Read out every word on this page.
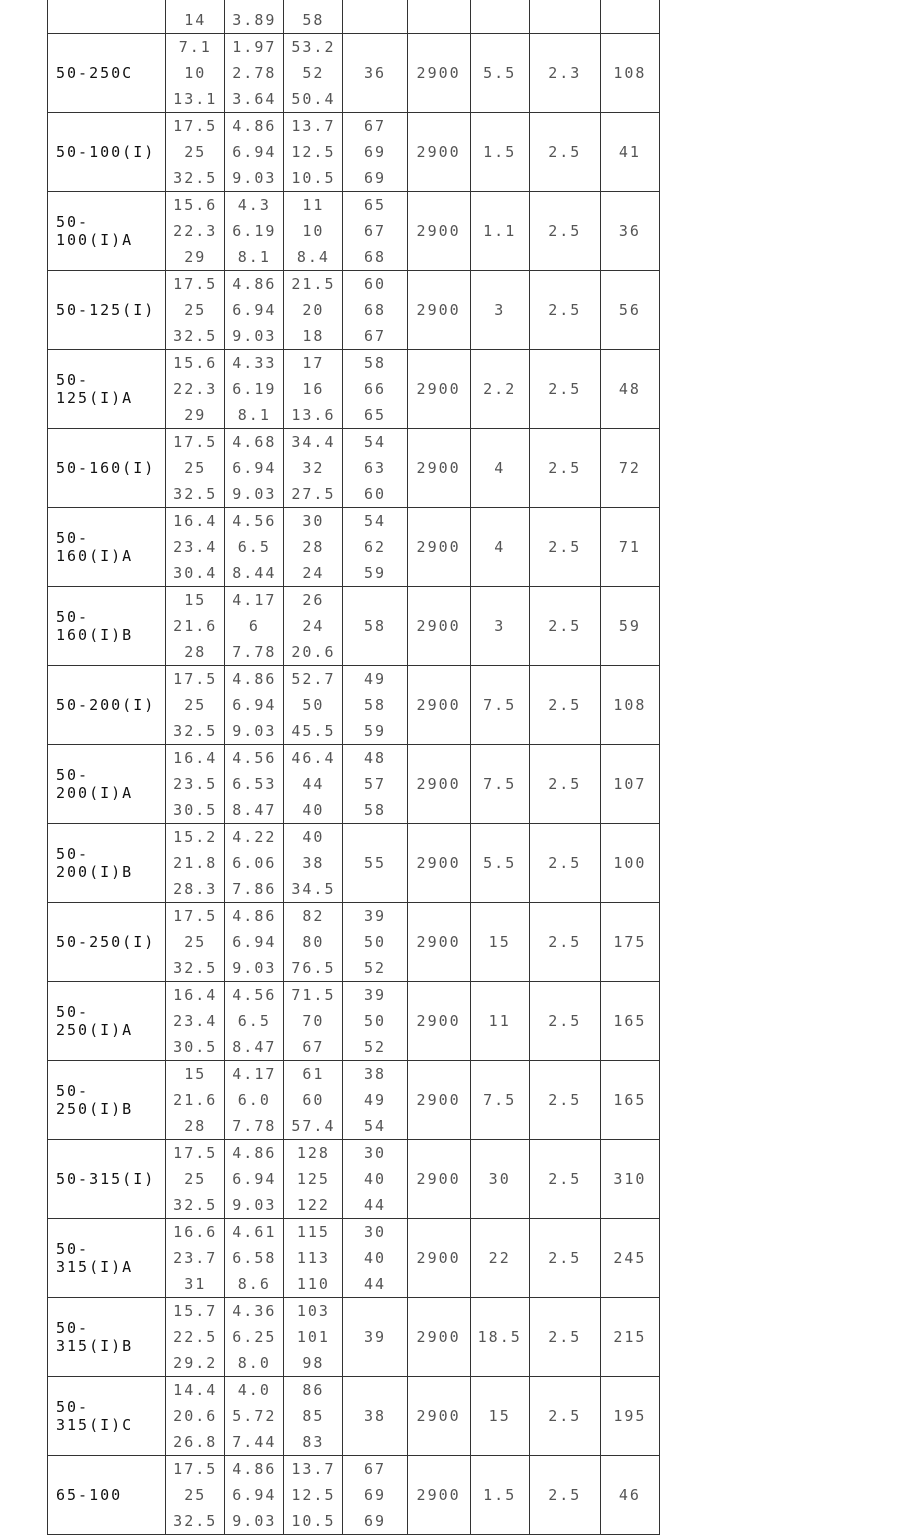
	14	3.89	58					

50-250C	7.1
10
13.1	1.97
2.78
3.64	53.2
52
50.4	36	2900	5.5	2.3	108
50-100(I)	17.5
25
32.5	4.86
6.94
9.03	13.7
12.5
10.5	67
69
69	2900	1.5	2.5	41
50-100(I)A	15.6
22.3
29	4.3
6.19
8.1	11
10
8.4	65
67
68	2900	1.1	2.5	36
50-125(I)	17.5
25
32.5	4.86
6.94
9.03	21.5
20
18	60
68
67	2900	3	2.5	56
50-125(I)A	15.6
22.3
29	4.33
6.19
8.1	17
16
13.6	58
66
65	2900	2.2	2.5	48
50-160(I)	17.5
25
32.5	4.68
6.94
9.03	34.4
32
27.5	54
63
60	2900	4	2.5	72
50-160(I)A	16.4
23.4
30.4	4.56
6.5
8.44	30
28
24	54
62
59	2900	4	2.5	71
50-160(I)B	15
21.6
28	4.17
6
7.78	26
24
20.6	58	2900	3	2.5	59
50-200(I)	17.5
25
32.5	4.86
6.94
9.03	52.7
50
45.5	49
58
59	2900	7.5	2.5	108
50-200(I)A	16.4
23.5
30.5	4.56
6.53
8.47	46.4
44
40	48
57
58	2900	7.5	2.5	107
50-200(I)B	15.2
21.8
28.3	4.22
6.06
7.86	40
38
34.5	55	2900	5.5	2.5	100
50-250(I)	17.5
25
32.5	4.86
6.94
9.03	82
80
76.5	39
50
52	2900	15	2.5	175
50-250(I)A	16.4
23.4
30.5	4.56
6.5
8.47	71.5
70
67	39
50
52	2900	11	2.5	165
50-250(I)B	15
21.6
28	4.17
6.0
7.78	61
60
57.4	38
49
54	2900	7.5	2.5	165
50-315(I)	17.5
25
32.5	4.86
6.94
9.03	128
125
122	30
40
44	2900	30	2.5	310
50-315(I)A	16.6
23.7
31	4.61
6.58
8.6	115
113
110	30
40
44	2900	22	2.5	245
50-315(I)B	15.7
22.5
29.2	4.36
6.25
8.0	103
101
98	39	2900	18.5	2.5	215
50-315(I)C	14.4
20.6
26.8	4.0
5.72
7.44	86
85
83	38	2900	15	2.5	195
65-100	17.5
25
32.5	4.86
6.94
9.03	13.7
12.5
10.5	67
69
69	2900	1.5	2.5	46
